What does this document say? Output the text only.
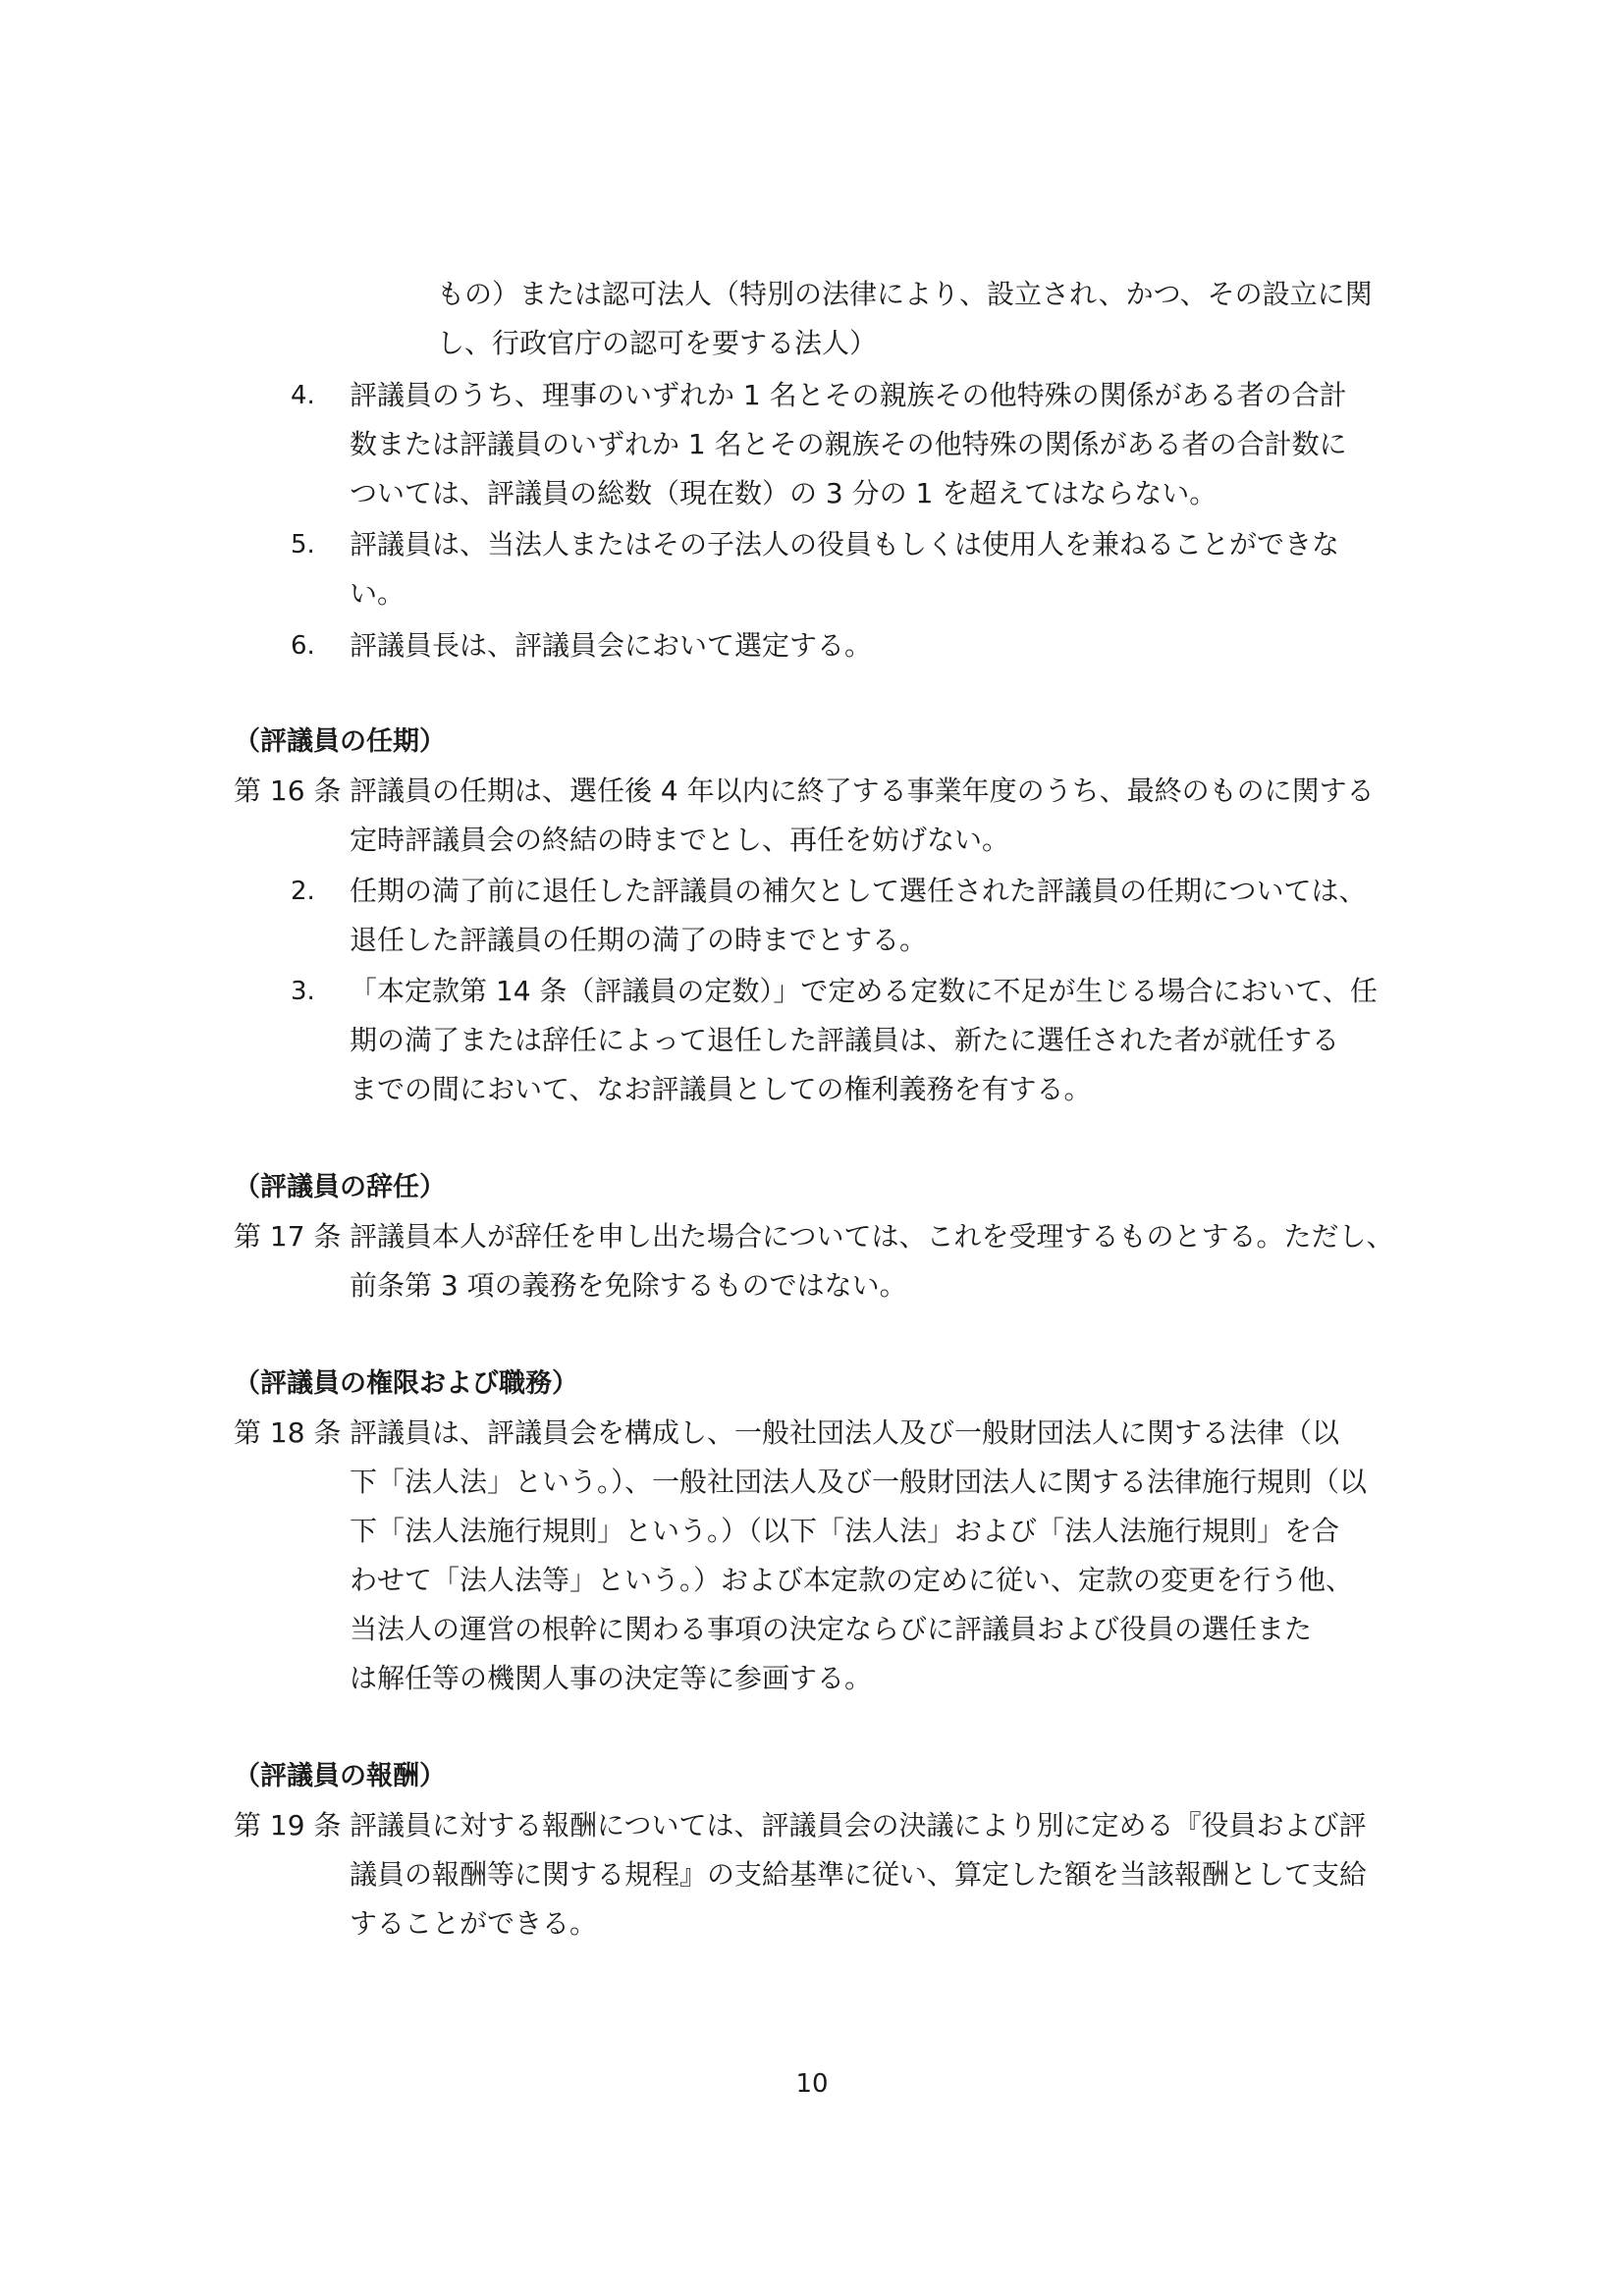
もの）または認可法人（特別の法律により、設立され、かつ、その設立に関
し、行政官庁の認可を要する法人）
4. 評議員のうち、理事のいずれか 1 名とその親族その他特殊の関係がある者の合計
数または評議員のいずれか 1 名とその親族その他特殊の関係がある者の合計数に
ついては、評議員の総数（現在数）の 3 分の 1 を超えてはならない。
5. 評議員は、当法人またはその子法人の役員もしくは使用人を兼ねることができな
い。
6. 評議員長は、評議員会において選定する。
（評議員の任期）
第 16 条 評議員の任期は、選任後 4 年以内に終了する事業年度のうち、最終のものに関する
定時評議員会の終結の時までとし、再任を妨げない。
2. 任期の満了前に退任した評議員の補欠として選任された評議員の任期については、
退任した評議員の任期の満了の時までとする。
3. 「本定款第 14 条（評議員の定数）」で定める定数に不足が生じる場合において、任
期の満了または辞任によって退任した評議員は、新たに選任された者が就任する
までの間において、なお評議員としての権利義務を有する。
（評議員の辞任）
第 17 条 評議員本人が辞任を申し出た場合については、これを受理するものとする。ただし、
前条第 3 項の義務を免除するものではない。
（評議員の権限および職務）
第 18 条 評議員は、評議員会を構成し、一般社団法人及び一般財団法人に関する法律（以
下「法人法」という。）、一般社団法人及び一般財団法人に関する法律施行規則（以
下「法人法施行規則」という。）（以下「法人法」および「法人法施行規則」を合
わせて「法人法等」という。）および本定款の定めに従い、定款の変更を行う他、
当法人の運営の根幹に関わる事項の決定ならびに評議員および役員の選任また
は解任等の機関人事の決定等に参画する。
（評議員の報酬）
第 19 条 評議員に対する報酬については、評議員会の決議により別に定める『役員および評
議員の報酬等に関する規程』の支給基準に従い、算定した額を当該報酬として支給
することができる。
10
